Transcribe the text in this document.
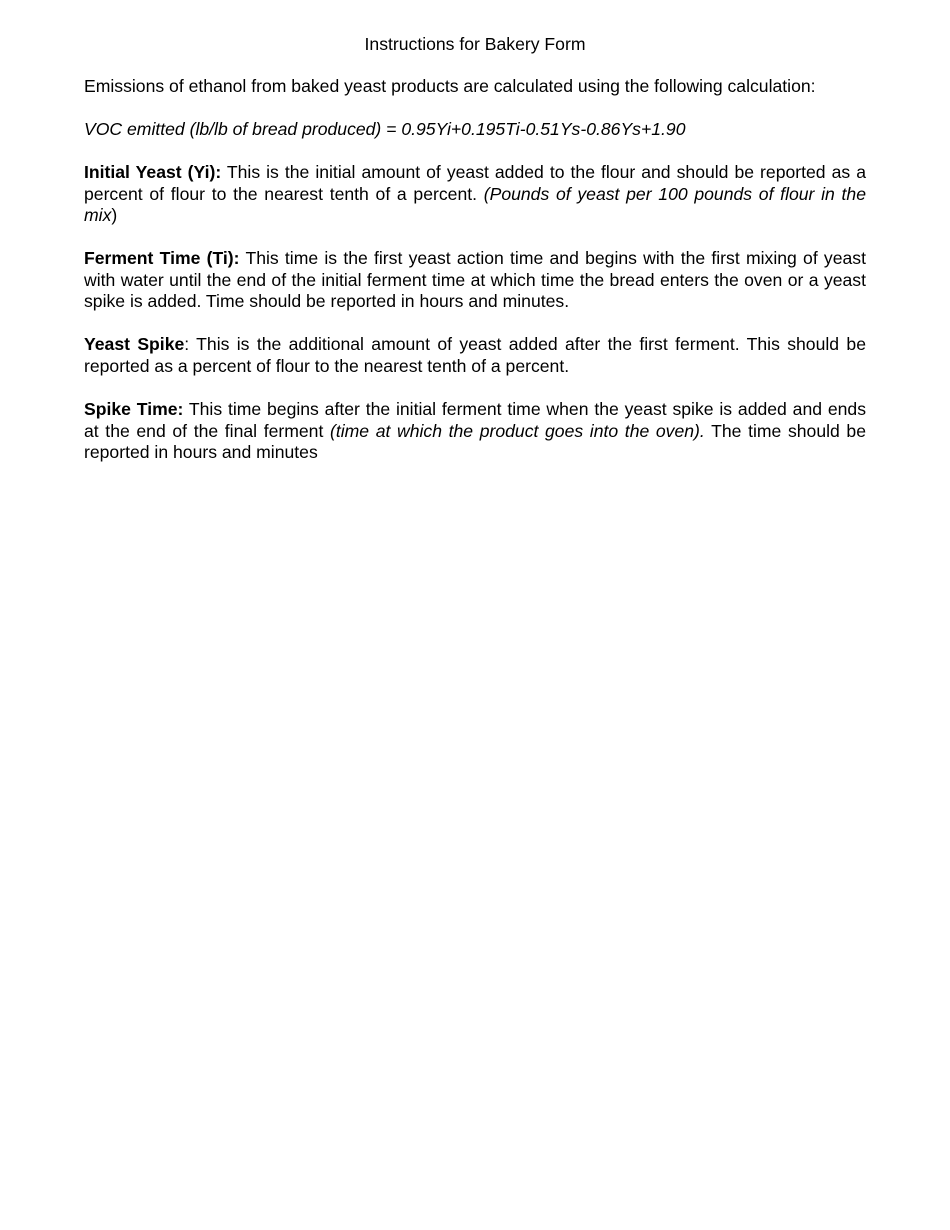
Instructions for Bakery Form

Emissions of ethanol from baked yeast products are calculated using the following calculation:

VOC emitted (lb/lb of bread produced) = 0.95Yi+0.195Ti-0.51Ys-0.86Ys+1.90

Initial Yeast (Yi): This is the initial amount of yeast added to the flour and should be reported as a percent of flour to the nearest tenth of a percent. (Pounds of yeast per 100 pounds of flour in the mix)

Ferment Time (Ti): This time is the first yeast action time and begins with the first mixing of yeast with water until the end of the initial ferment time at which time the bread enters the oven or a yeast spike is added. Time should be reported in hours and minutes.

Yeast Spike: This is the additional amount of yeast added after the first ferment. This should be reported as a percent of flour to the nearest tenth of a percent.

Spike Time: This time begins after the initial ferment time when the yeast spike is added and ends at the end of the final ferment (time at which the product goes into the oven). The time should be reported in hours and minutes
